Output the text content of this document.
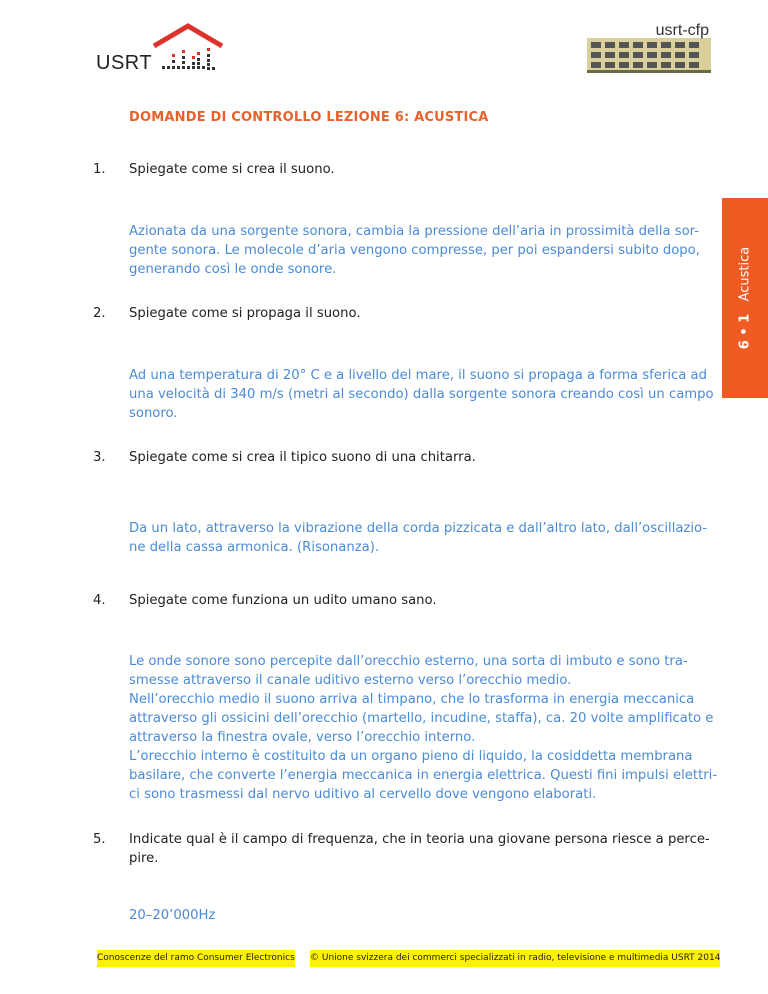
USRT
usrt-cfp
DOMANDE DI CONTROLLO LEZIONE 6: ACUSTICA
6 • 1   Acustica
1. Spiegate come si crea il suono.
Azionata da una sorgente sonora, cambia la pressione dell’aria in prossimità della sor-
gente sonora. Le molecole d’aria vengono compresse, per poi espandersi subito dopo,
generando così le onde sonore.
2. Spiegate come si propaga il suono.
Ad una temperatura di 20° C e a livello del mare, il suono si propaga a forma sferica ad
una velocità di 340 m/s (metri al secondo) dalla sorgente sonora creando così un campo
sonoro.
3. Spiegate come si crea il tipico suono di una chitarra.
Da un lato, attraverso la vibrazione della corda pizzicata e dall’altro lato, dall’oscillazio-
ne della cassa armonica. (Risonanza).
4. Spiegate come funziona un udito umano sano.
Le onde sonore sono percepite dall’orecchio esterno, una sorta di imbuto e sono tra-
smesse attraverso il canale uditivo esterno verso l’orecchio medio.
Nell’orecchio medio il suono arriva al timpano, che lo trasforma in energia meccanica
attraverso gli ossicini dell’orecchio (martello, incudine, staffa), ca. 20 volte amplificato e
attraverso la finestra ovale, verso l’orecchio interno.
L’orecchio interno è costituito da un organo pieno di liquido, la cosiddetta membrana
basilare, che converte l’energia meccanica in energia elettrica. Questi fini impulsi elettri-
ci sono trasmessi dal nervo uditivo al cervello dove vengono elaborati.
5. Indicate qual è il campo di frequenza, che in teoria una giovane persona riesce a perce-
pire.
20–20’000Hz
Conoscenze del ramo Consumer Electronics © Unione svizzera dei commerci specializzati in radio, televisione e multimedia USRT 2014
